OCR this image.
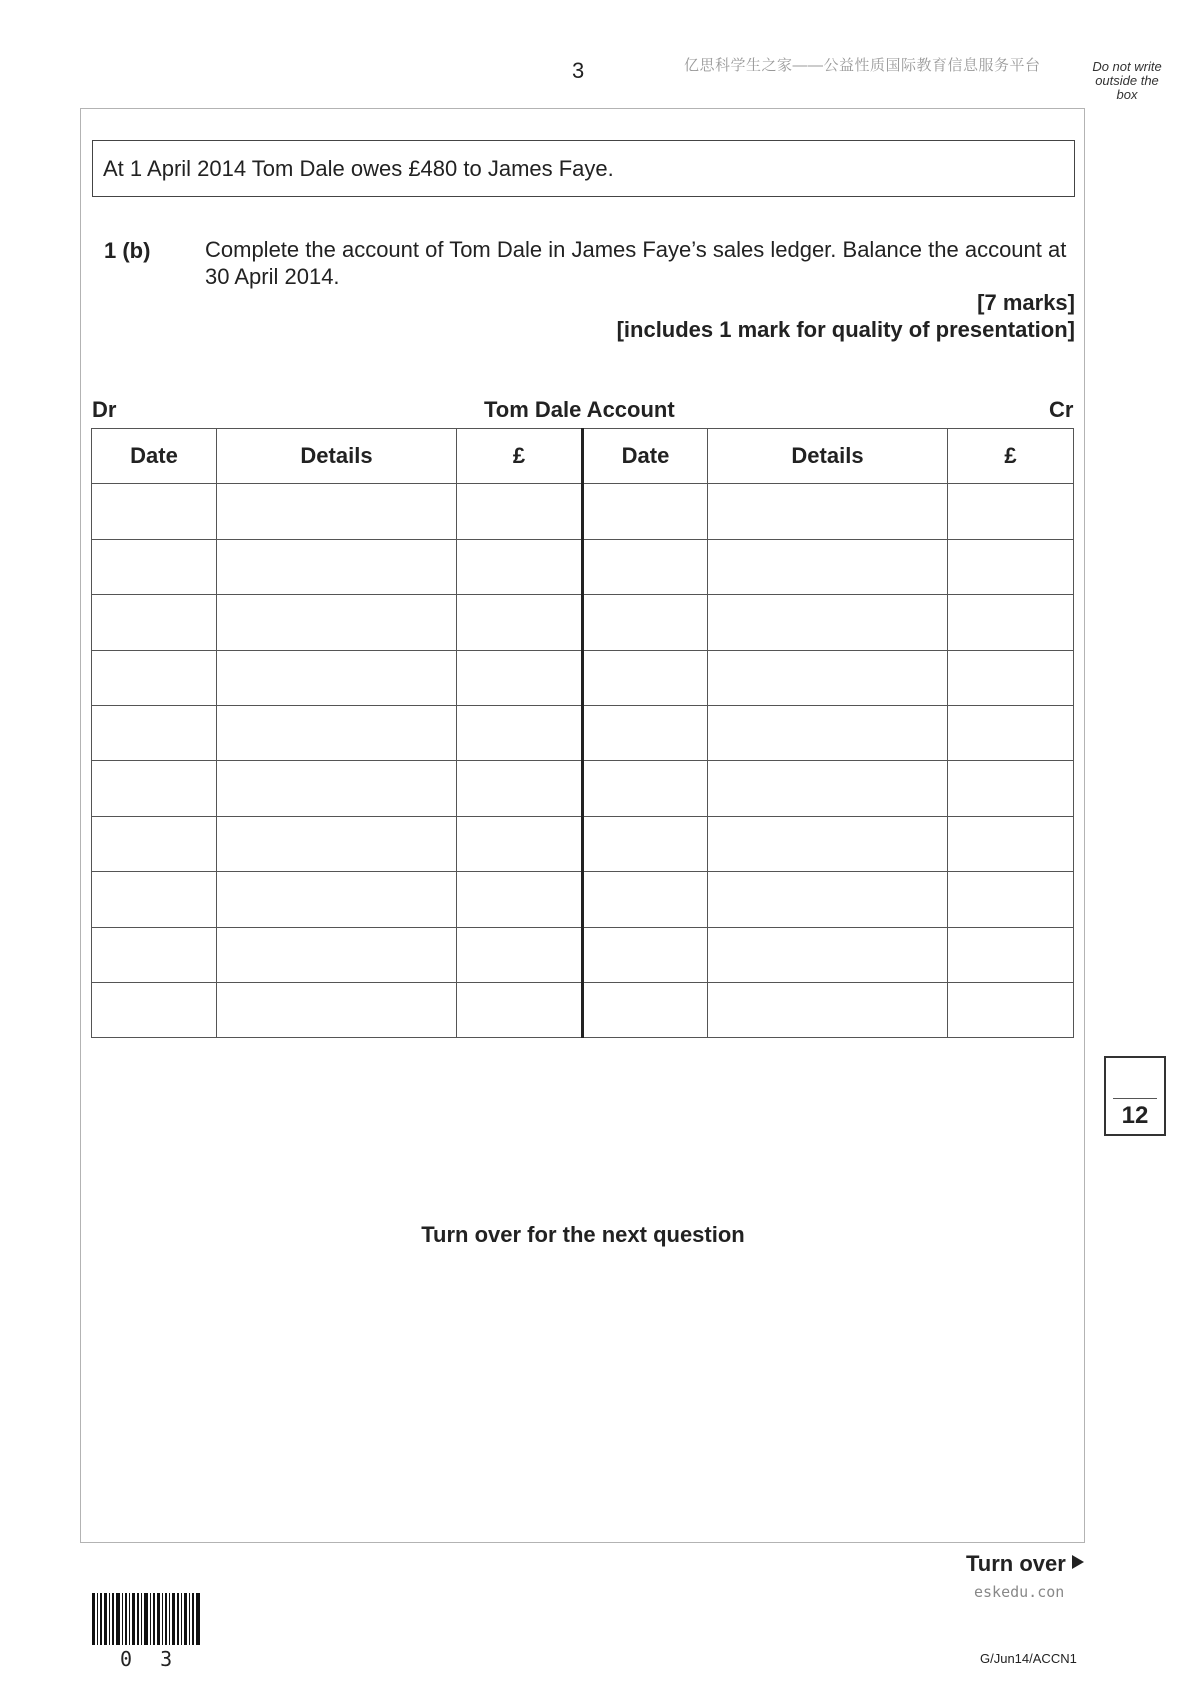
3	亿思科学生之家——公益性质国际教育信息服务平台	Do not write outside the box
At 1 April 2014 Tom Dale owes £480 to James Faye.
1 (b) Complete the account of Tom Dale in James Faye’s sales ledger. Balance the account at 30 April 2014.
[7 marks]
[includes 1 mark for quality of presentation]
Dr	Tom Dale Account	Cr
Date	Details	£	Date	Details	£

12
Turn over for the next question
Turn over
eskedu.con
0 3	G/Jun14/ACCN1
